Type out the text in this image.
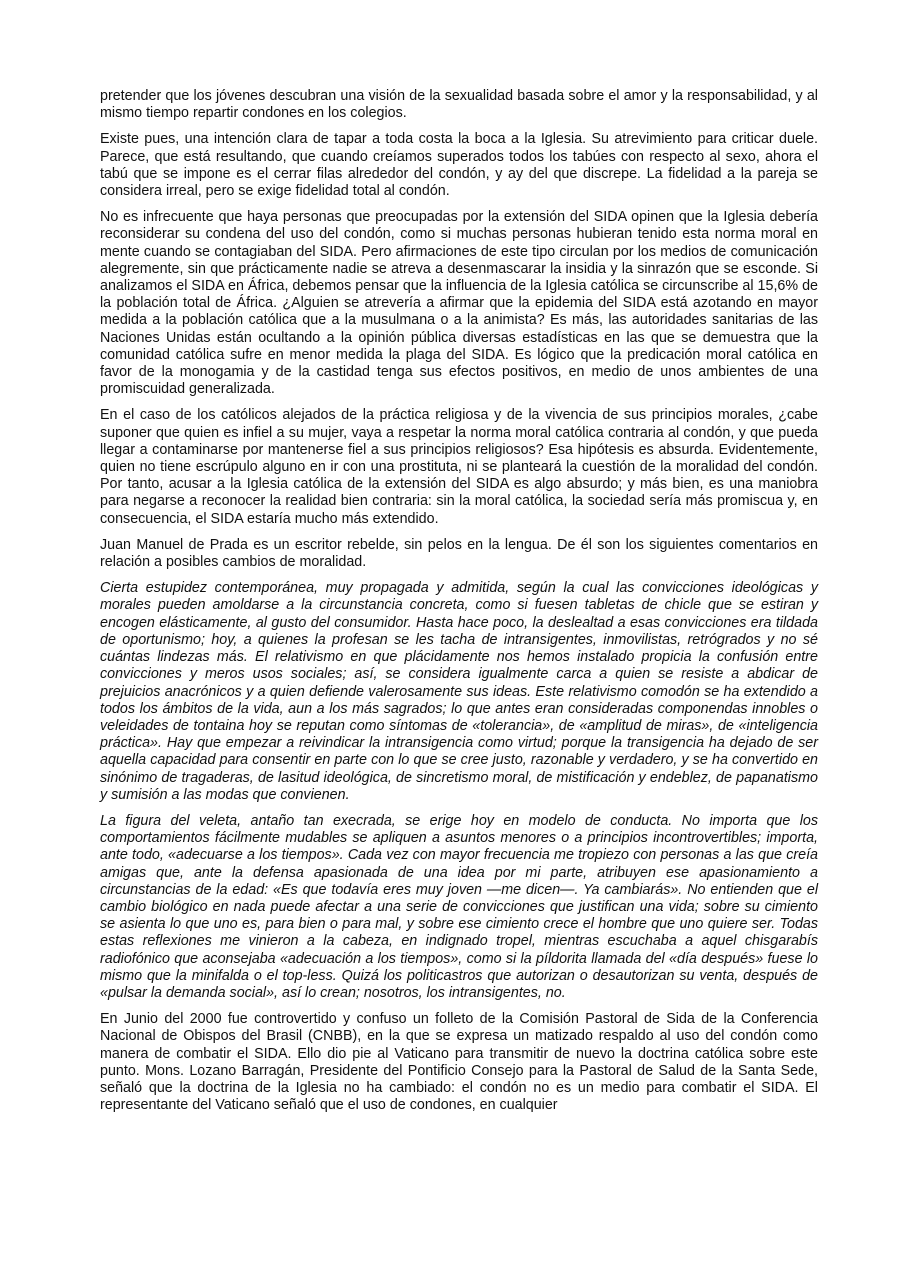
pretender que los jóvenes descubran una visión de la sexualidad basada sobre el amor y la responsabilidad, y al mismo tiempo repartir condones en los colegios.

Existe pues, una intención clara de tapar a toda costa la boca a la Iglesia. Su atrevimiento para criticar duele. Parece, que está resultando, que cuando creíamos superados todos los tabúes con respecto al sexo, ahora el tabú que se impone es el cerrar filas alrededor del condón, y ay del que discrepe. La fidelidad a la pareja se considera irreal, pero se exige fidelidad total al condón.

No es infrecuente que haya personas que preocupadas por la extensión del SIDA opinen que la Iglesia debería reconsiderar su condena del uso del condón, como si muchas personas hubieran tenido esta norma moral en mente cuando se contagiaban del SIDA. Pero afirmaciones de este tipo circulan por los medios de comunicación alegremente, sin que prácticamente nadie se atreva a desenmascarar la insidia y la sinrazón que se esconde. Si analizamos el SIDA en África, debemos pensar que la influencia de la Iglesia católica se circunscribe al 15,6% de la población total de África. ¿Alguien se atrevería a afirmar que la epidemia del SIDA está azotando en mayor medida a la población católica que a la musulmana o a la animista? Es más, las autoridades sanitarias de las Naciones Unidas están ocultando a la opinión pública diversas estadísticas en las que se demuestra que la comunidad católica sufre en menor medida la plaga del SIDA. Es lógico que la predicación moral católica en favor de la monogamia y de la castidad tenga sus efectos positivos, en medio de unos ambientes de una promiscuidad generalizada.

En el caso de los católicos alejados de la práctica religiosa y de la vivencia de sus principios morales, ¿cabe suponer que quien es infiel a su mujer, vaya a respetar la norma moral católica contraria al condón, y que pueda llegar a contaminarse por mantenerse fiel a sus principios religiosos? Esa hipótesis es absurda. Evidentemente, quien no tiene escrúpulo alguno en ir con una prostituta, ni se planteará la cuestión de la moralidad del condón. Por tanto, acusar a la Iglesia católica de la extensión del SIDA es algo absurdo; y más bien, es una maniobra para negarse a reconocer la realidad bien contraria: sin la moral católica, la sociedad sería más promiscua y, en consecuencia, el SIDA estaría mucho más extendido.

Juan Manuel de Prada es un escritor rebelde, sin pelos en la lengua. De él son los siguientes comentarios en relación a posibles cambios de moralidad.

Cierta estupidez contemporánea, muy propagada y admitida, según la cual las convicciones ideológicas y morales pueden amoldarse a la circunstancia concreta, como si fuesen tabletas de chicle que se estiran y encogen elásticamente, al gusto del consumidor. Hasta hace poco, la deslealtad a esas convicciones era tildada de oportunismo; hoy, a quienes la profesan se les tacha de intransigentes, inmovilistas, retrógrados y no sé cuántas lindezas más. El relativismo en que plácidamente nos hemos instalado propicia la confusión entre convicciones y meros usos sociales; así, se considera igualmente carca a quien se resiste a abdicar de prejuicios anacrónicos y a quien defiende valerosamente sus ideas. Este relativismo comodón se ha extendido a todos los ámbitos de la vida, aun a los más sagrados; lo que antes eran consideradas componendas innobles o veleidades de tontaina hoy se reputan como síntomas de «tolerancia», de «amplitud de miras», de «inteligencia práctica». Hay que empezar a reivindicar la intransigencia como virtud; porque la transigencia ha dejado de ser aquella capacidad para consentir en parte con lo que se cree justo, razonable y verdadero, y se ha convertido en sinónimo de tragaderas, de lasitud ideológica, de sincretismo moral, de mistificación y endeblez, de papanatismo y sumisión a las modas que convienen.

La figura del veleta, antaño tan execrada, se erige hoy en modelo de conducta. No importa que los comportamientos fácilmente mudables se apliquen a asuntos menores o a principios incontrovertibles; importa, ante todo, «adecuarse a los tiempos». Cada vez con mayor frecuencia me tropiezo con personas a las que creía amigas que, ante la defensa apasionada de una idea por mi parte, atribuyen ese apasionamiento a circunstancias de la edad: «Es que todavía eres muy joven —me dicen—. Ya cambiarás». No entienden que el cambio biológico en nada puede afectar a una serie de convicciones que justifican una vida; sobre su cimiento se asienta lo que uno es, para bien o para mal, y sobre ese cimiento crece el hombre que uno quiere ser. Todas estas reflexiones me vinieron a la cabeza, en indignado tropel, mientras escuchaba a aquel chisgarabís radiofónico que aconsejaba «adecuación a los tiempos», como si la píldorita llamada del «día después» fuese lo mismo que la minifalda o el top-less. Quizá los politicastros que autorizan o desautorizan su venta, después de «pulsar la demanda social», así lo crean; nosotros, los intransigentes, no.

En Junio del 2000 fue controvertido y confuso un folleto de la Comisión Pastoral de Sida de la Conferencia Nacional de Obispos del Brasil (CNBB), en la que se expresa un matizado respaldo al uso del condón como manera de combatir el SIDA. Ello dio pie al Vaticano para transmitir de nuevo la doctrina católica sobre este punto. Mons. Lozano Barragán, Presidente del Pontificio Consejo para la Pastoral de Salud de la Santa Sede, señaló que la doctrina de la Iglesia no ha cambiado: el condón no es un medio para combatir el SIDA. El representante del Vaticano señaló que el uso de condones, en cualquier
